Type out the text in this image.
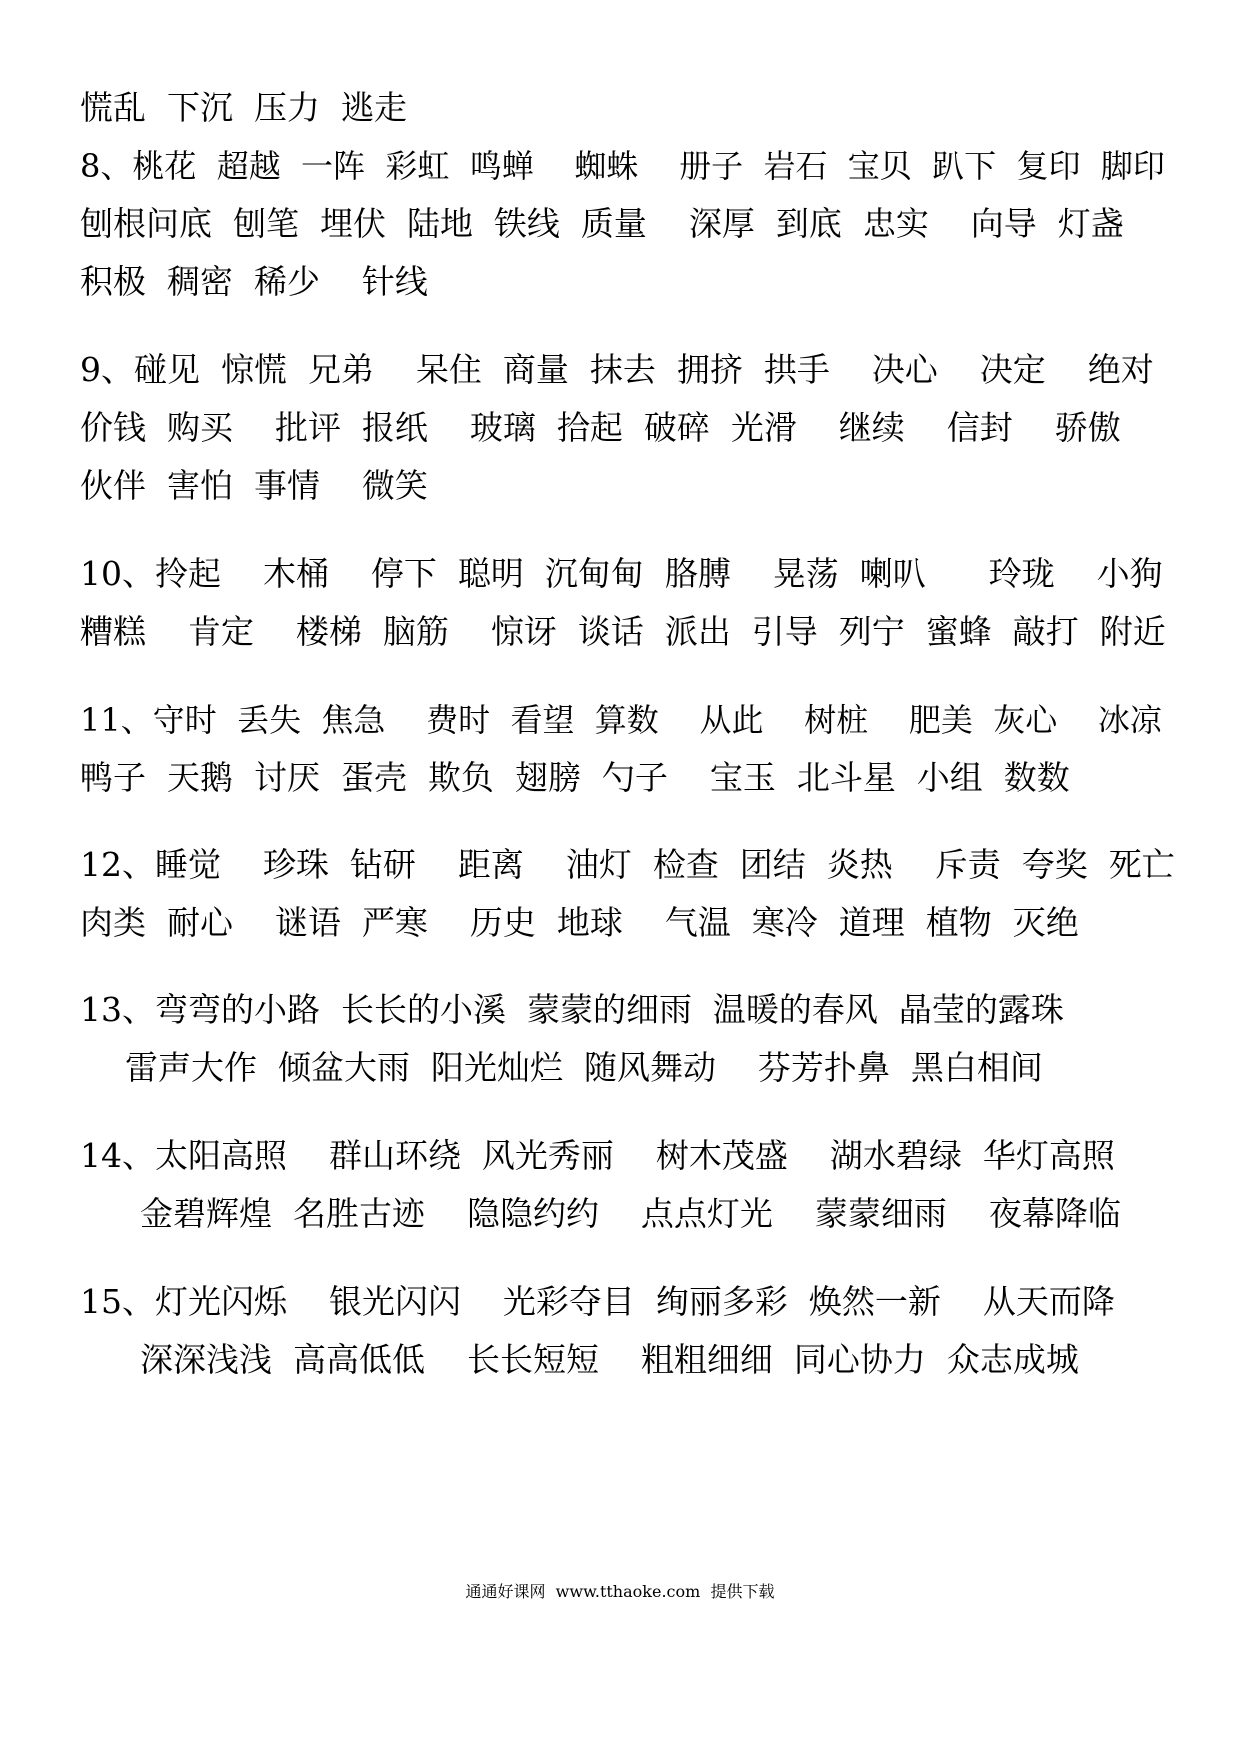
慌乱  下沉  压力  逃走
8、桃花  超越  一阵  彩虹  鸣蝉    蜘蛛    册子  岩石  宝贝  趴下  复印  脚印
刨根问底  刨笔  埋伏  陆地  铁线  质量    深厚  到底  忠实    向导  灯盏
积极  稠密  稀少    针线
9、碰见  惊慌  兄弟    呆住  商量  抹去  拥挤  拱手    决心    决定    绝对
价钱  购买    批评  报纸    玻璃  拾起  破碎  光滑    继续    信封    骄傲
伙伴  害怕  事情    微笑
10、拎起    木桶    停下  聪明  沉甸甸  胳膊    晃荡  喇叭      玲珑    小狗
糟糕    肯定    楼梯  脑筋    惊讶  谈话  派出  引导  列宁  蜜蜂  敲打  附近
11、守时  丢失  焦急    费时  看望  算数    从此    树桩    肥美  灰心    冰凉
鸭子  天鹅  讨厌  蛋壳  欺负  翅膀  勺子    宝玉  北斗星  小组  数数
12、睡觉    珍珠  钻研    距离    油灯  检查  团结  炎热    斥责  夸奖  死亡
肉类  耐心    谜语  严寒    历史  地球    气温  寒冷  道理  植物  灭绝
13、弯弯的小路  长长的小溪  蒙蒙的细雨  温暖的春风  晶莹的露珠
雷声大作  倾盆大雨  阳光灿烂  随风舞动    芬芳扑鼻  黑白相间
14、太阳高照    群山环绕  风光秀丽    树木茂盛    湖水碧绿  华灯高照
金碧辉煌  名胜古迹    隐隐约约    点点灯光    蒙蒙细雨    夜幕降临
15、灯光闪烁    银光闪闪    光彩夺目  绚丽多彩  焕然一新    从天而降
深深浅浅  高高低低    长长短短    粗粗细细  同心协力  众志成城
通通好课网  www.tthaoke.com  提供下载
